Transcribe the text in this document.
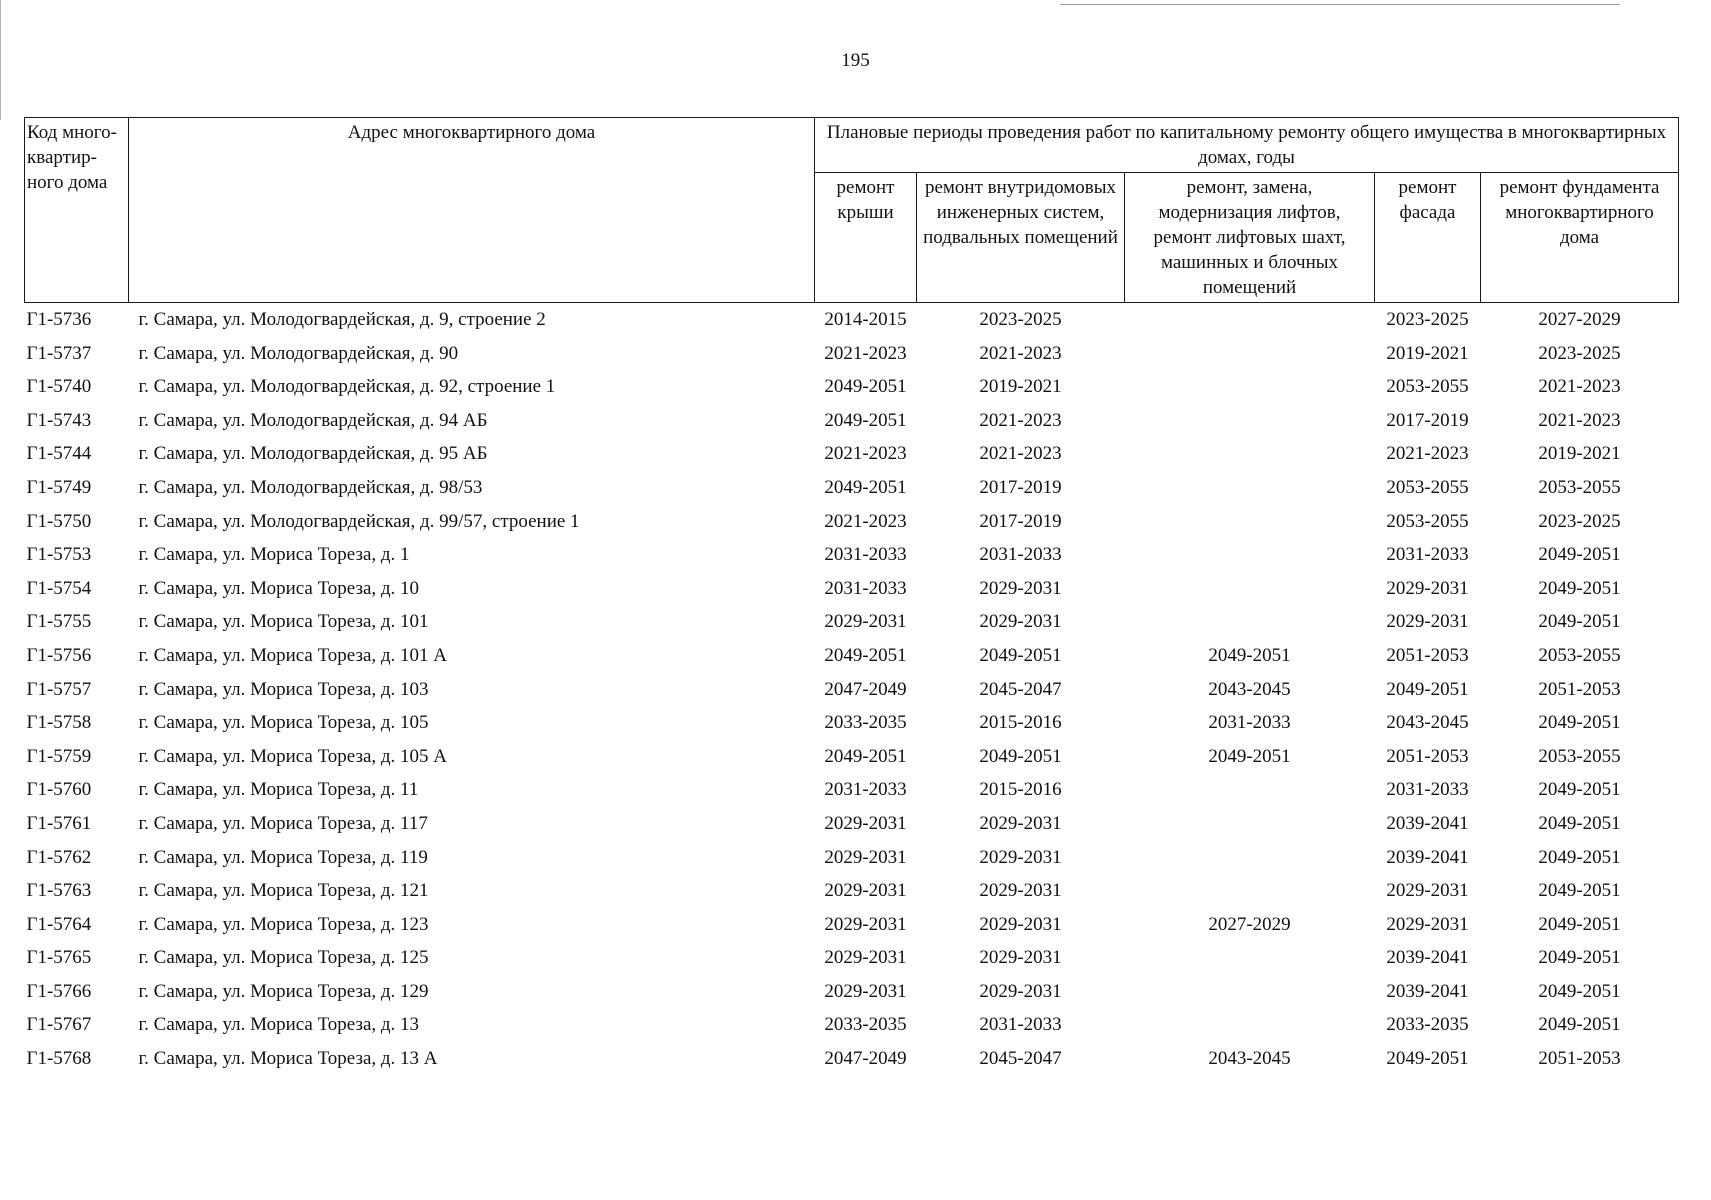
195
Код много-квартир-ного дома	Адрес многоквартирного дома	Плановые периоды проведения работ по капитальному ремонту общего имущества в многоквартирных домах, годы				
		ремонт крыши	ремонт внутридомовых инженерных систем, подвальных помещений	ремонт, замена, модернизация лифтов, ремонт лифтовых шахт, машинных и блочных помещений	ремонт фасада	ремонт фундамента многоквартирного дома
Г1-5736	г. Самара, ул. Молодогвардейская, д. 9, строение 2	2014-2015	2023-2025		2023-2025	2027-2029
Г1-5737	г. Самара, ул. Молодогвардейская, д. 90	2021-2023	2021-2023		2019-2021	2023-2025
Г1-5740	г. Самара, ул. Молодогвардейская, д. 92, строение 1	2049-2051	2019-2021		2053-2055	2021-2023
Г1-5743	г. Самара, ул. Молодогвардейская, д. 94 АБ	2049-2051	2021-2023		2017-2019	2021-2023
Г1-5744	г. Самара, ул. Молодогвардейская, д. 95 АБ	2021-2023	2021-2023		2021-2023	2019-2021
Г1-5749	г. Самара, ул. Молодогвардейская, д. 98/53	2049-2051	2017-2019		2053-2055	2053-2055
Г1-5750	г. Самара, ул. Молодогвардейская, д. 99/57, строение 1	2021-2023	2017-2019		2053-2055	2023-2025
Г1-5753	г. Самара, ул. Мориса Тореза, д. 1	2031-2033	2031-2033		2031-2033	2049-2051
Г1-5754	г. Самара, ул. Мориса Тореза, д. 10	2031-2033	2029-2031		2029-2031	2049-2051
Г1-5755	г. Самара, ул. Мориса Тореза, д. 101	2029-2031	2029-2031		2029-2031	2049-2051
Г1-5756	г. Самара, ул. Мориса Тореза, д. 101 А	2049-2051	2049-2051	2049-2051	2051-2053	2053-2055
Г1-5757	г. Самара, ул. Мориса Тореза, д. 103	2047-2049	2045-2047	2043-2045	2049-2051	2051-2053
Г1-5758	г. Самара, ул. Мориса Тореза, д. 105	2033-2035	2015-2016	2031-2033	2043-2045	2049-2051
Г1-5759	г. Самара, ул. Мориса Тореза, д. 105 А	2049-2051	2049-2051	2049-2051	2051-2053	2053-2055
Г1-5760	г. Самара, ул. Мориса Тореза, д. 11	2031-2033	2015-2016		2031-2033	2049-2051
Г1-5761	г. Самара, ул. Мориса Тореза, д. 117	2029-2031	2029-2031		2039-2041	2049-2051
Г1-5762	г. Самара, ул. Мориса Тореза, д. 119	2029-2031	2029-2031		2039-2041	2049-2051
Г1-5763	г. Самара, ул. Мориса Тореза, д. 121	2029-2031	2029-2031		2029-2031	2049-2051
Г1-5764	г. Самара, ул. Мориса Тореза, д. 123	2029-2031	2029-2031	2027-2029	2029-2031	2049-2051
Г1-5765	г. Самара, ул. Мориса Тореза, д. 125	2029-2031	2029-2031		2039-2041	2049-2051
Г1-5766	г. Самара, ул. Мориса Тореза, д. 129	2029-2031	2029-2031		2039-2041	2049-2051
Г1-5767	г. Самара, ул. Мориса Тореза, д. 13	2033-2035	2031-2033		2033-2035	2049-2051
Г1-5768	г. Самара, ул. Мориса Тореза, д. 13 А	2047-2049	2045-2047	2043-2045	2049-2051	2051-2053
